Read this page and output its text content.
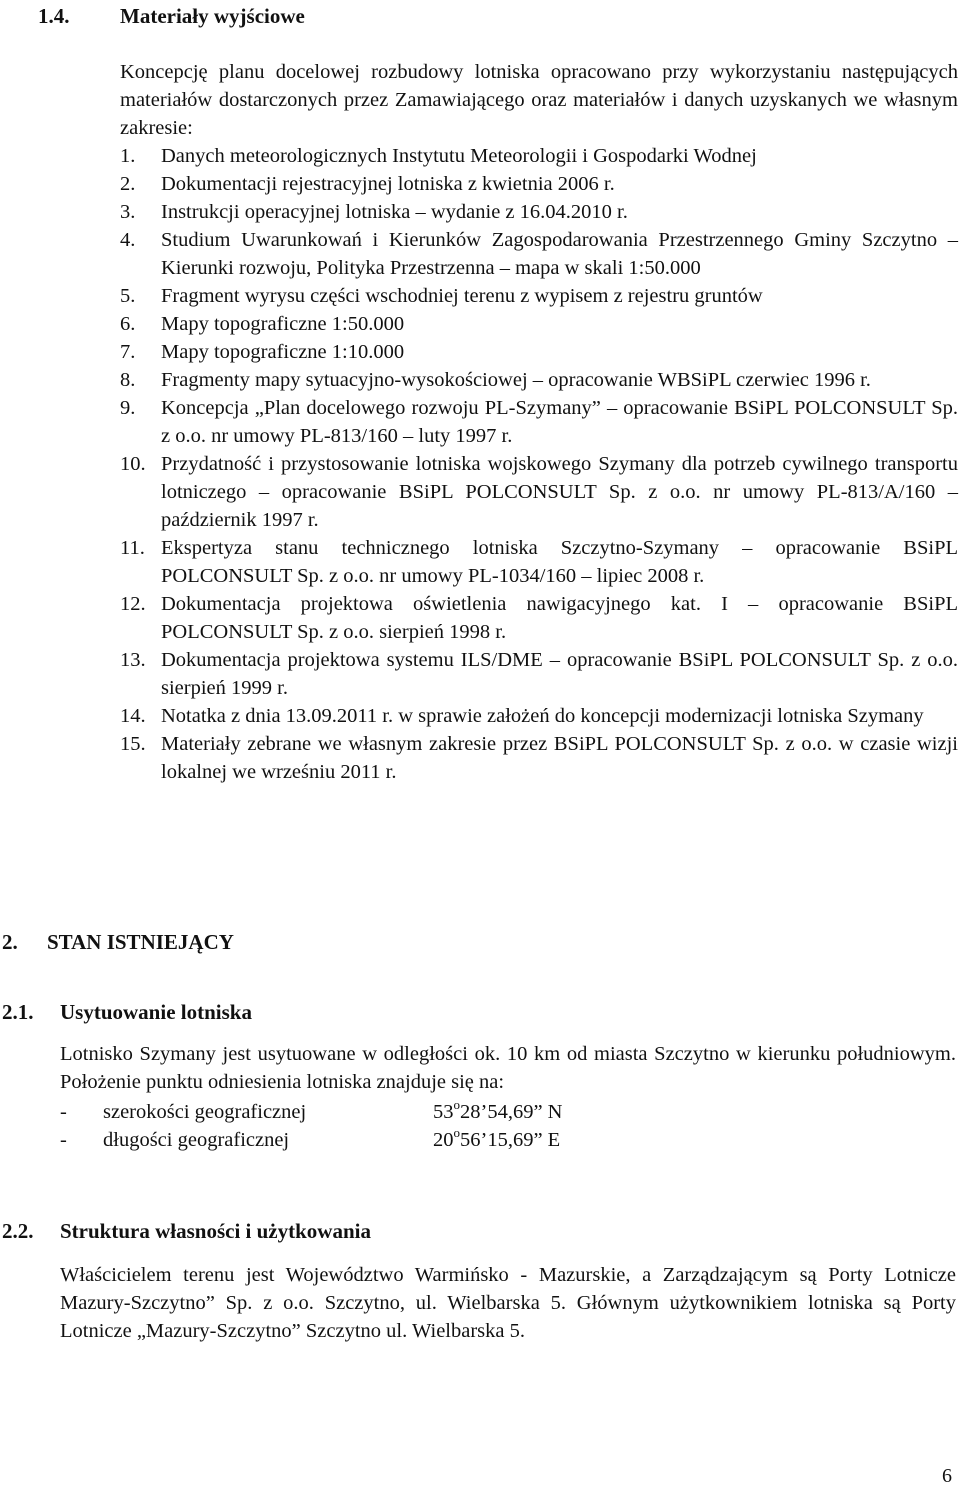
1.4. Materiały wyjściowe
Koncepcję planu docelowej rozbudowy lotniska opracowano przy wykorzystaniu następujących materiałów dostarczonych przez Zamawiającego oraz materiałów i danych uzyskanych we własnym zakresie:
1. Danych meteorologicznych Instytutu Meteorologii i Gospodarki Wodnej
2. Dokumentacji rejestracyjnej lotniska z kwietnia 2006 r.
3. Instrukcji operacyjnej lotniska – wydanie z 16.04.2010 r.
4. Studium Uwarunkowań i Kierunków Zagospodarowania Przestrzennego Gminy Szczytno – Kierunki rozwoju, Polityka Przestrzenna – mapa w skali 1:50.000
5. Fragment wyrysu części wschodniej terenu z wypisem z rejestru gruntów
6. Mapy topograficzne 1:50.000
7. Mapy topograficzne 1:10.000
8. Fragmenty mapy sytuacyjno-wysokościowej – opracowanie WBSiPL czerwiec 1996 r.
9. Koncepcja „Plan docelowego rozwoju PL-Szymany” – opracowanie BSiPL POLCONSULT Sp. z o.o. nr umowy PL-813/160 – luty 1997 r.
10. Przydatność i przystosowanie lotniska wojskowego Szymany dla potrzeb cywilnego transportu lotniczego – opracowanie BSiPL POLCONSULT Sp. z o.o. nr umowy PL-813/A/160 – październik 1997 r.
11. Ekspertyza stanu technicznego lotniska Szczytno-Szymany – opracowanie BSiPL POLCONSULT Sp. z o.o. nr umowy PL-1034/160 – lipiec 2008 r.
12. Dokumentacja projektowa oświetlenia nawigacyjnego kat. I – opracowanie BSiPL POLCONSULT Sp. z o.o. sierpień 1998 r.
13. Dokumentacja projektowa systemu ILS/DME – opracowanie BSiPL POLCONSULT Sp. z o.o. sierpień 1999 r.
14. Notatka z dnia 13.09.2011 r. w sprawie założeń do koncepcji modernizacji lotniska Szymany
15. Materiały zebrane we własnym zakresie przez BSiPL POLCONSULT Sp. z o.o. w czasie wizji lokalnej we wrześniu 2011 r.
2. STAN ISTNIEJĄCY
2.1. Usytuowanie lotniska
Lotnisko Szymany jest usytuowane w odległości ok. 10 km od miasta Szczytno w kierunku południowym. Położenie punktu odniesienia lotniska znajduje się na:
- szerokości geograficznej	53$^o$28’54,69” N
- długości geograficznej	20$^o$56’15,69” E
2.2. Struktura własności i użytkowania
Właścicielem terenu jest Województwo Warmińsko - Mazurskie, a Zarządzającym są Porty Lotnicze Mazury-Szczytno” Sp. z o.o. Szczytno, ul. Wielbarska 5. Głównym użytkownikiem lotniska są Porty Lotnicze „Mazury-Szczytno” Szczytno ul. Wielbarska 5.
6
